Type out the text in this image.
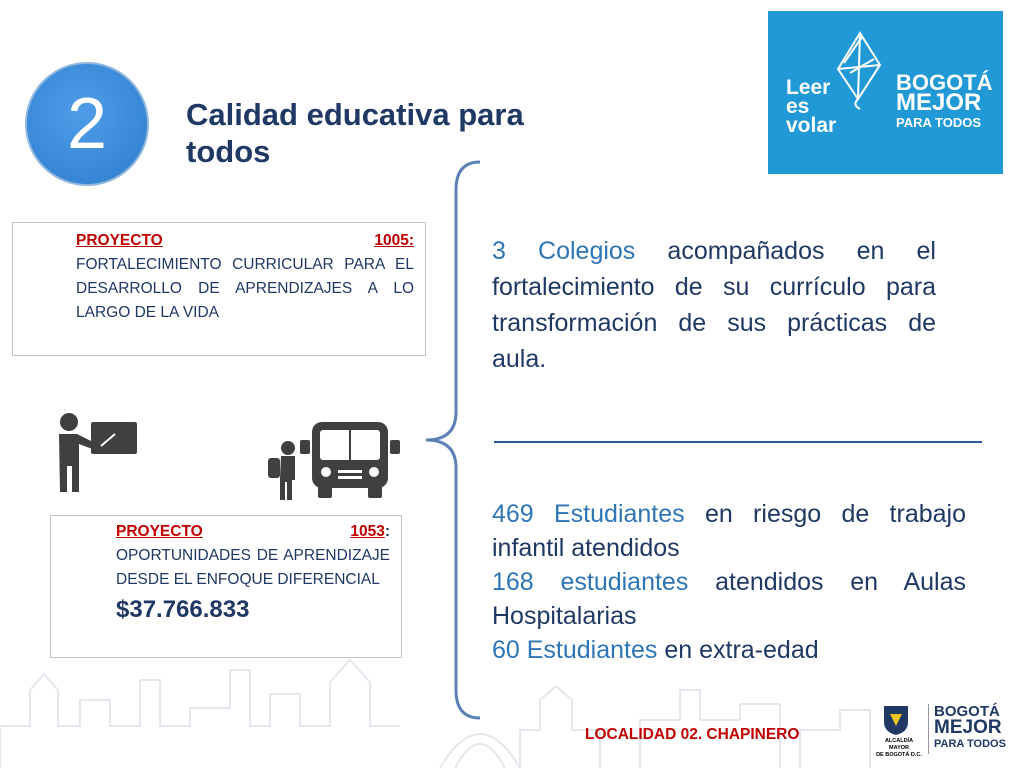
2	Calidad educativa para todos
Leer
es
volar
BOGOTÁ
MEJOR
PARA TODOS
PROYECTO	1005:
FORTALECIMIENTO CURRICULAR PARA EL DESARROLLO DE APRENDIZAJES A LO LARGO DE LA VIDA
PROYECTO	1053:
OPORTUNIDADES DE APRENDIZAJE DESDE EL ENFOQUE DIFERENCIAL
$37.766.833
3 Colegios acompañados en el fortalecimiento de su currículo para transformación de sus prácticas de aula.
469 Estudiantes en riesgo de trabajo infantil atendidos
168 estudiantes atendidos en Aulas Hospitalarias
60 Estudiantes en extra-edad
LOCALIDAD 02. CHAPINERO	ALCALDÍA MAYOR
DE BOGOTÁ D.C.
BOGOTÁ
MEJOR
PARA TODOS
